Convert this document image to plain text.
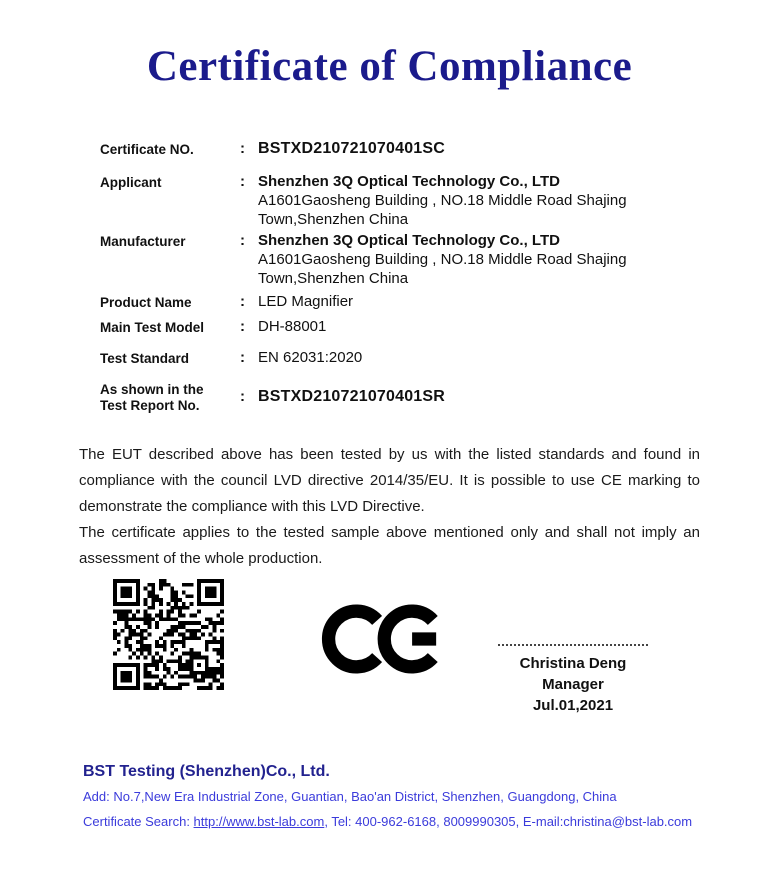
Certificate of Compliance
Certificate NO.	: BSTXD210721070401SC
Applicant	: Shenzhen 3Q Optical Technology Co., LTD
A1601Gaosheng Building , NO.18 Middle Road Shajing
Town,Shenzhen China
Manufacturer	: Shenzhen 3Q Optical Technology Co., LTD
A1601Gaosheng Building , NO.18 Middle Road Shajing
Town,Shenzhen China
Product Name	: LED Magnifier
Main Test Model	: DH-88001
Test Standard	: EN 62031:2020
As shown in the
Test Report No.
: BSTXD210721070401SR

The EUT described above has been tested by us with the listed standards and found in compliance with the council LVD directive 2014/35/EU. It is possible to use CE marking to demonstrate the compliance with this LVD Directive.

The certificate applies to the tested sample above mentioned only and shall not imply an assessment of the whole production.

Christina Deng
Manager
Jul.01,2021
BST Testing (Shenzhen)Co., Ltd.
Add: No.7,New Era Industrial Zone, Guantian, Bao'an District, Shenzhen, Guangdong, China
Certificate Search: http://www.bst-lab.com, Tel: 400-962-6168, 8009990305, E-mail:christina@bst-lab.com
